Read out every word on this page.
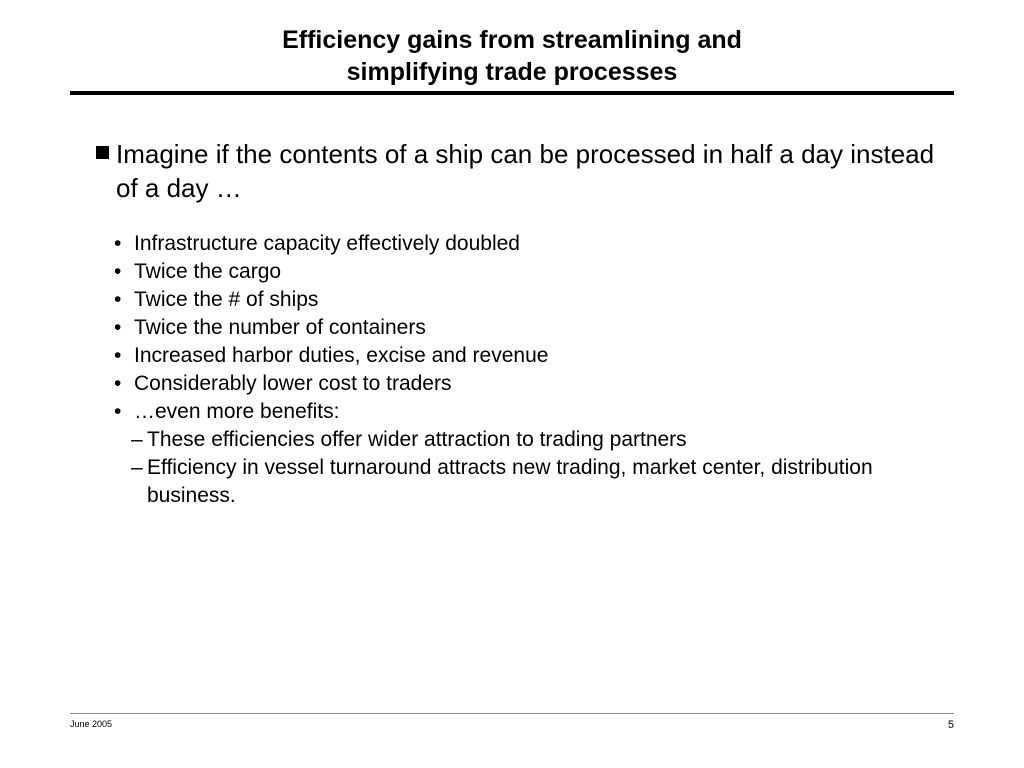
Efficiency gains from streamlining and
simplifying trade processes
Imagine if the contents of a ship can be processed in half a day instead of a day …
• Infrastructure capacity effectively doubled
• Twice the cargo
• Twice the # of ships
• Twice the number of containers
• Increased harbor duties, excise and revenue
• Considerably lower cost to traders
• …even more benefits:
– These efficiencies offer wider attraction to trading partners
– Efficiency in vessel turnaround attracts new trading, market center, distribution business.
June 2005	5
